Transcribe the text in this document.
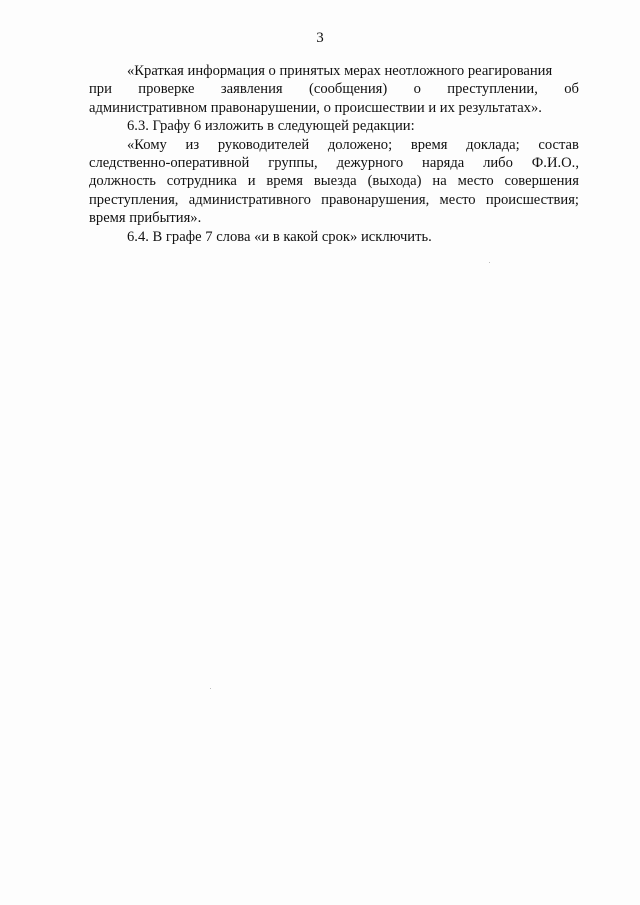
3
«Краткая информация о принятых мерах неотложного реагирования
при проверке заявления (сообщения) о преступлении, об
административном правонарушении, о происшествии и их результатах».
6.3. Графу 6 изложить в следующей редакции:
«Кому из руководителей доложено; время доклада; состав
следственно-оперативной группы, дежурного наряда либо Ф.И.О.,
должность сотрудника и время выезда (выхода) на место совершения
преступления, административного правонарушения, место происшествия;
время прибытия».
6.4. В графе 7 слова «и в какой срок» исключить.
